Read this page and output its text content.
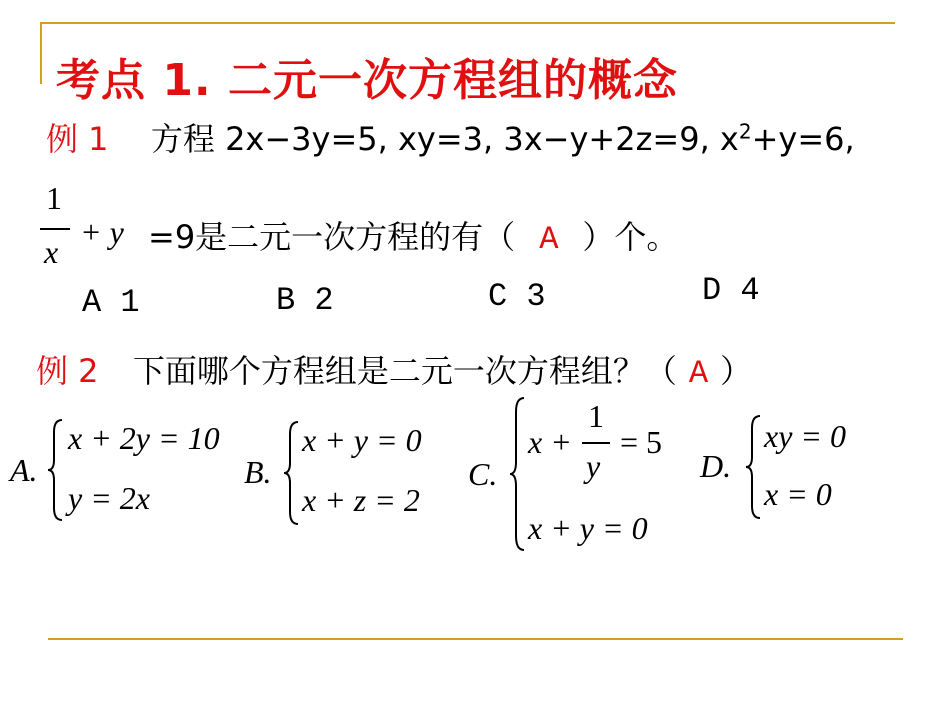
考点 1. 二元一次方程组的概念
例 1 方程 2x−3y=5, xy=3, 3x−y+2z=9, $x^2+y=6$,
1
x
+ y =9是二元一次方程的有（ A ）个。
A 1	B 2	C 3	D 4
例 2 下面哪个方程组是二元一次方程组？（ A ）
A.
x + 2y = 10
y = 2x
B.
x + y = 0
x + z = 2
C.
x +
1
y
= 5
x + y = 0
D.
xy = 0
x = 0
